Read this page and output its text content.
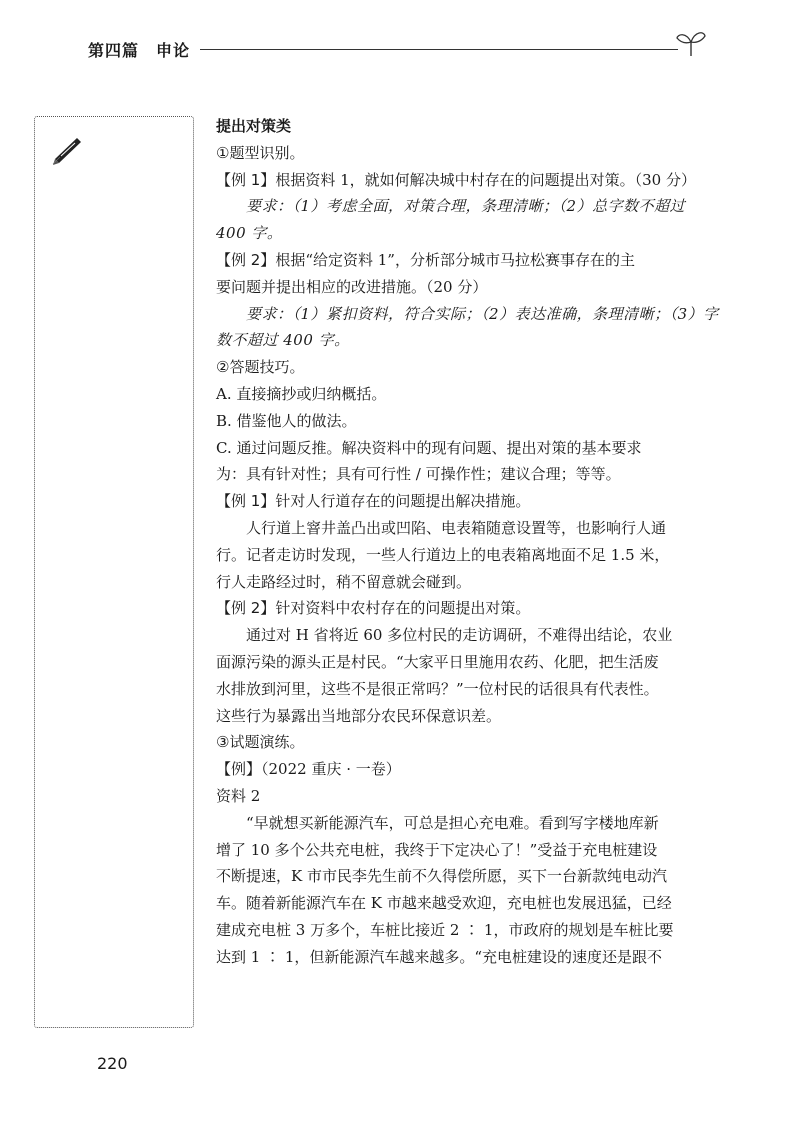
第四篇　申论

提出对策类

①题型识别。

【例 1】根据资料 1，就如何解决城中村存在的问题提出对策。（30 分）

要求：（1）考虑全面，对策合理，条理清晰；（2）总字数不超过

400 字。

【例 2】根据“给定资料 1”，分析部分城市马拉松赛事存在的主

要问题并提出相应的改进措施。（20 分）

要求：（1）紧扣资料，符合实际；（2）表达准确，条理清晰；（3）字

数不超过 400 字。

②答题技巧。

A. 直接摘抄或归纳概括。

B. 借鉴他人的做法。

C. 通过问题反推。解决资料中的现有问题、提出对策的基本要求

为：具有针对性；具有可行性 / 可操作性；建议合理；等等。

【例 1】针对人行道存在的问题提出解决措施。

人行道上窨井盖凸出或凹陷、电表箱随意设置等，也影响行人通

行。记者走访时发现，一些人行道边上的电表箱离地面不足 1.5 米，

行人走路经过时，稍不留意就会碰到。

【例 2】针对资料中农村存在的问题提出对策。

通过对 H 省将近 60 多位村民的走访调研，不难得出结论，农业

面源污染的源头正是村民。“大家平日里施用农药、化肥，把生活废

水排放到河里，这些不是很正常吗？”一位村民的话很具有代表性。

这些行为暴露出当地部分农民环保意识差。

③试题演练。

【例】（2022 重庆 · 一卷）

资料 2

“早就想买新能源汽车，可总是担心充电难。看到写字楼地库新

增了 10 多个公共充电桩，我终于下定决心了！”受益于充电桩建设

不断提速，K 市市民李先生前不久得偿所愿，买下一台新款纯电动汽

车。随着新能源汽车在 K 市越来越受欢迎，充电桩也发展迅猛，已经

建成充电桩 3 万多个，车桩比接近 2 ∶ 1，市政府的规划是车桩比要

达到 1 ∶ 1，但新能源汽车越来越多。“充电桩建设的速度还是跟不

220
